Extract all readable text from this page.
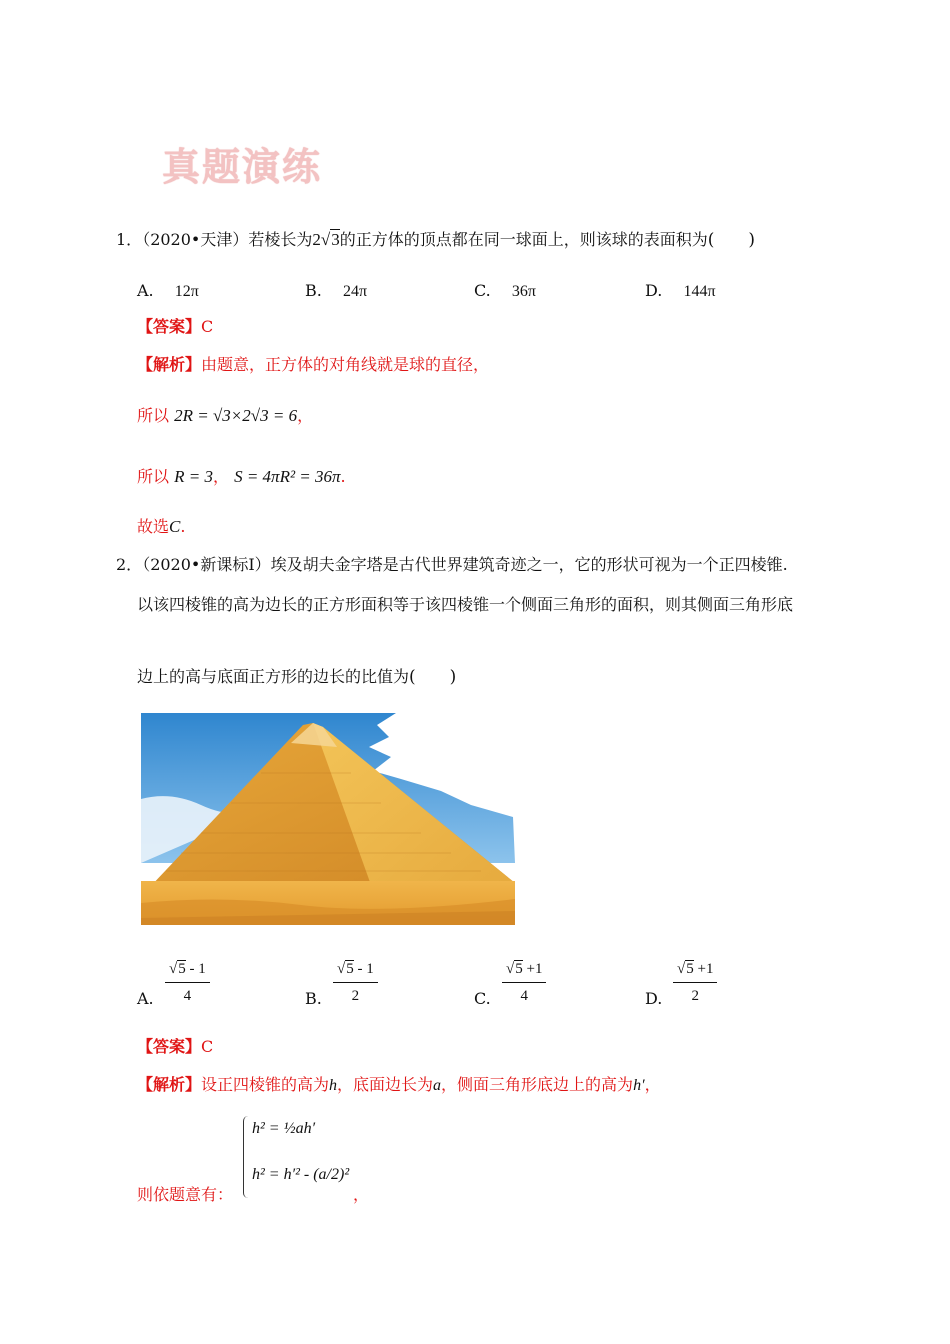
真题演练
1．（2020•天津）若棱长为2√3的正方体的顶点都在同一球面上，则该球的表面积为(　　)
A. 12π	B. 24π	C. 36π	D. 144π
【答案】C
【解析】由题意，正方体的对角线就是球的直径，
所以 2R = √3×2√3 = 6，
所以 R = 3， S = 4πR² = 36π.
故选C.
2．（2020•新课标Ⅰ）埃及胡夫金字塔是古代世界建筑奇迹之一，它的形状可视为一个正四棱锥.
以该四棱锥的高为边长的正方形面积等于该四棱锥一个侧面三角形的面积，则其侧面三角形底
边上的高与底面正方形的边长的比值为(　　)
A. $\frac{√5 - 1}{4}$	B. $\frac{√5 - 1}{2}$	C. $\frac{√5 +1}{4}$	D. $\frac{√5 +1}{2}$
【答案】C
【解析】设正四棱锥的高为h，底面边长为a，侧面三角形底边上的高为h′，
h² = ½ah′
h² = h′² - (a/2)²
则依题意有：	，
